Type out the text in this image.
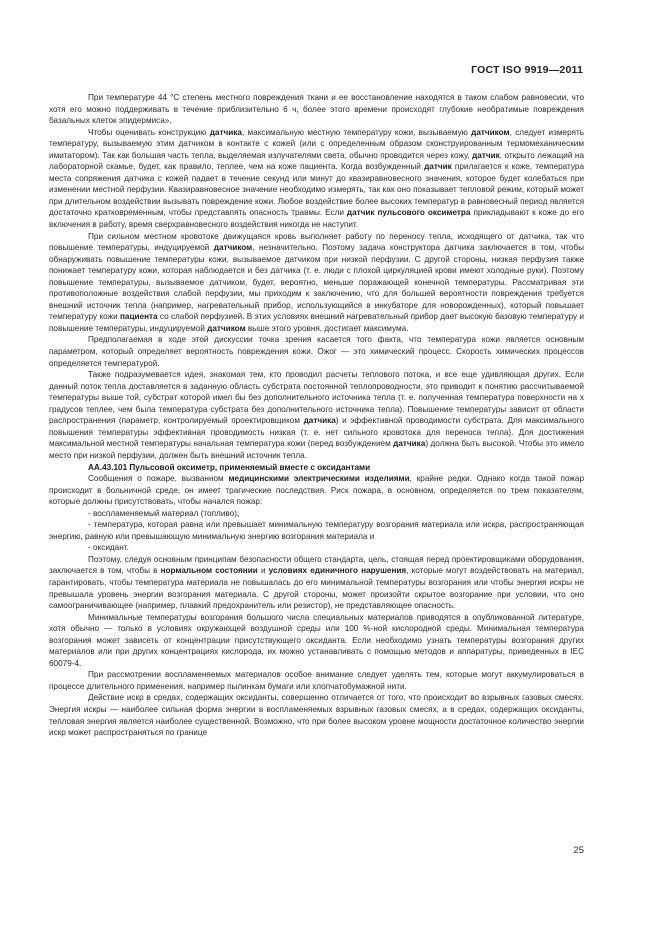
ГОСТ ISO 9919—2011

При температуре 44 °С степень местного повреждения ткани и ее восстановление находятся в таком слабом равновесии, что хотя его можно поддерживать в течение приблизительно 6 ч, более этого времени происходят глубокие необратимые повреждения базальных клеток эпидермиса».

Чтобы оценивать конструкцию датчика, максимальную местную температуру кожи, вызываемую датчиком, следует измерять температуру, вызываемую этим датчиком в контакте с кожей (или с определенным образом сконструированным термомеханическим имитатором). Так как большая часть тепла, выделяемая излучателями света, обычно проводится через кожу, датчик, открыто лежащий на лабораторной скамье, будет, как правило, теплее, чем на коже пациента. Когда возбужденный датчик прилагается к коже, температура места сопряжения датчика с кожей падает в течение секунд или минут до квазиравновесного значения, которое будет колебаться при изменении местной перфузии. Квазиравновесное значение необходимо измерять, так как оно показывает тепловой режим, который может при длительном воздействии вызывать повреждение кожи. Любое воздействие более высоких температур в равновесный период является достаточно кратковременным, чтобы представлять опасность травмы. Если датчик пульсового оксиметра прикладывают к коже до его включения в работу, время сверхравновесного воздействия никогда не наступит.

При сильном местном кровотоке движущаяся кровь выполняет работу по переносу тепла, исходящего от датчика, так что повышение температуры, индуцируемой датчиком, незначительно. Поэтому задача конструктора датчика заключается в том, чтобы обнаруживать повышение температуры кожи, вызываемое датчиком при низкой перфузии. С другой стороны, низкая перфузия также понижает температуру кожи, которая наблюдается и без датчика (т. е. люди с плохой циркуляцией крови имеют холодные руки). Поэтому повышение температуры, вызываемое датчиком, будет, вероятно, меньше поражающей конечной температуры. Рассматривая эти противоположные воздействия слабой перфузии, мы приходим к заключению, что для большей вероятности повреждения требуется внешний источник тепла (например, нагревательный прибор, использующийся в инкубаторе для новорожденных), который повышает температуру кожи пациента со слабой перфузией. В этих условиях внешний нагревательный прибор дает высокую базовую температуру и повышение температуры, индуцируемой датчиком выше этого уровня, достигает максимума.

Предполагаемая в ходе этой дискуссии точка зрения касается того факта, что температура кожи является основным параметром, который определяет вероятность повреждения кожи. Ожог — это химический процесс. Скорость химических процессов определяется температурой.

Также подразумевается идея, знакомая тем, кто проводил расчеты теплового потока, и все еще удивляющая других. Если данный поток тепла доставляется в заданную область субстрата постоянной теплопроводности, это приводит к понятию рассчитываемой температуры выше той, субстрат которой имел бы без дополнительного источника тепла (т. е. полученная температура поверхности на x градусов теплее, чем была температура субстрата без дополнительного источника тепла). Повышение температуры зависит от области распространения (параметр, контролируемый проектировщиком датчика) и эффективной проводимости субстрата. Для максимального повышения температуры эффективная проводимость низкая (т. е. нет сильного кровотока для переноса тепла). Для достижения максимальной местной температуры начальная температура кожи (перед возбуждением датчика) должна быть высокой. Чтобы это имело место при низкой перфузии, должен быть внешний источник тепла.

АА.43.101 Пульсовой оксиметр, применяемый вместе с оксидантами

Сообщения о пожаре, вызванном медицинскими электрическими изделиями, крайне редки. Однако когда такой пожар происходит в больничной среде, он имеет трагические последствия. Риск пожара, в основном, определяется по трем показателям, которые должны присутствовать, чтобы начался пожар:

- воспламеняемый материал (топливо);

- температура, которая равна или превышает минимальную температуру возгорания материала или искра, распространяющая энергию, равную или превышающую минимальную энергию возгорания материала и

- оксидант.

Поэтому, следуя основным принципам безопасности общего стандарта, цель, стоящая перед проектировщиками оборудования, заключается в том, чтобы в нормальном состоянии и условиях единичного нарушения, которые могут воздействовать на материал, гарантировать, чтобы температура материала не повышалась до его минимальной температуры возгорания или чтобы энергия искры не превышала уровень энергии возгорания материала. С другой стороны, может произойти скрытое возгорание при условии, что оно самоограничивающее (например, плавкий предохранитель или резистор), не представляющее опасность.

Минимальные температуры возгорания большого числа специальных материалов приводятся в опубликованной литературе, хотя обычно — только в условиях окружающей воздушной среды или 100 %-ной кислородной среды. Минимальная температура возгорания может зависеть от концентрации присутствующего оксиданта. Если необходимо узнать температуры возгорания других материалов или при других концентрациях кислорода, их можно устанавливать с помощью методов и аппаратуры, приведенных в IEC 60079-4.

При рассмотрении воспламеняемых материалов особое внимание следует уделять тем, которые могут аккумулироваться в процессе длительного применения, например пылинкам бумаги или хлопчатобумажной нити.

Действие искр в средах, содержащих оксиданты, совершенно отличается от того, что происходит во взрывных газовых смесях. Энергия искры — наиболее сильная форма энергии в воспламеняемых взрывных газовых смесях, а в средах, содержащих оксиданты, тепловая энергия является наиболее существенной. Возможно, что при более высоком уровне мощности достаточное количество энергии искр может распространяться по границе

25
